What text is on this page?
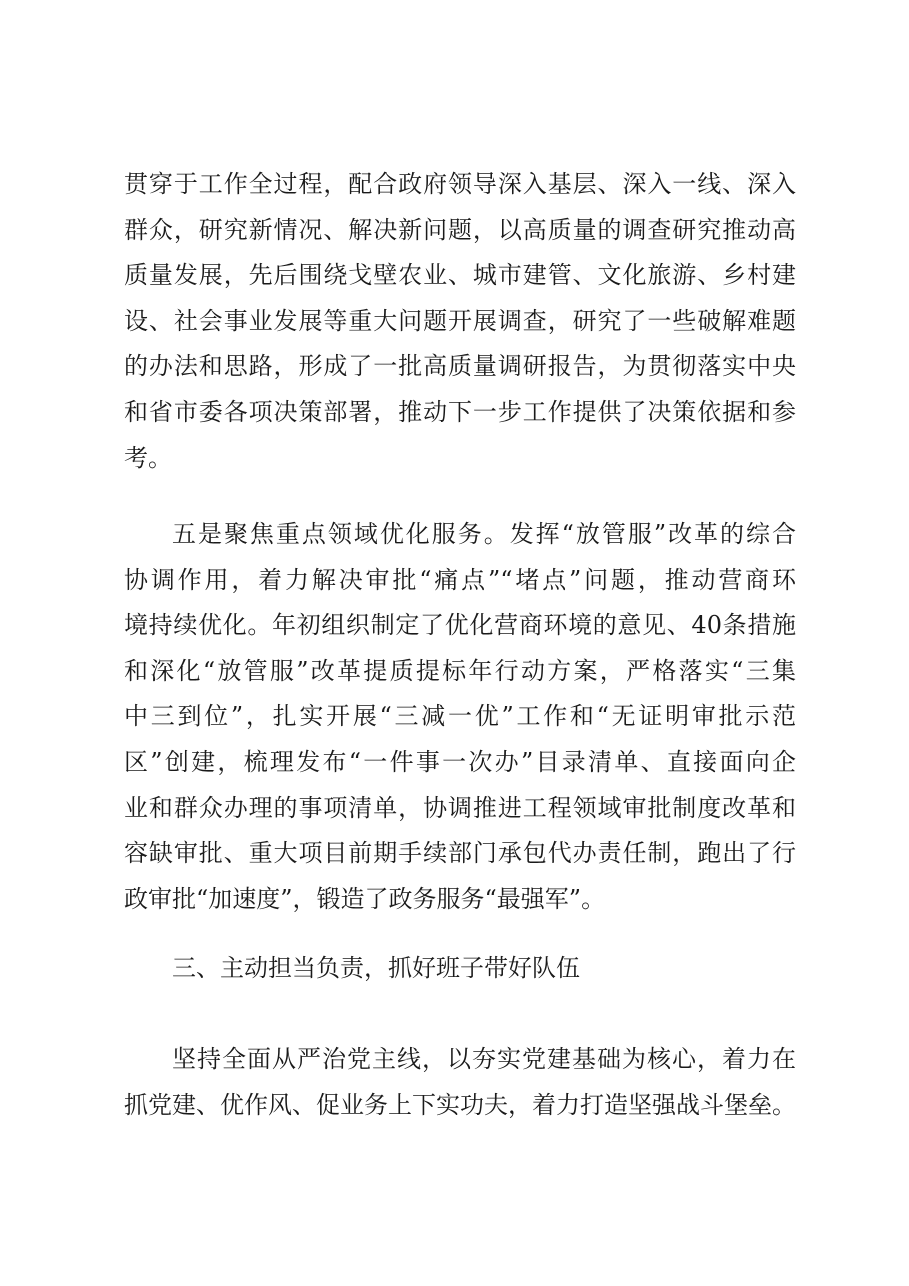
贯穿于工作全过程，配合政府领导深入基层、深入一线、深入
群众，研究新情况、解决新问题，以高质量的调查研究推动高
质量发展，先后围绕戈壁农业、城市建管、文化旅游、乡村建
设、社会事业发展等重大问题开展调查，研究了一些破解难题
的办法和思路，形成了一批高质量调研报告，为贯彻落实中央
和省市委各项决策部署，推动下一步工作提供了决策依据和参
考。
五是聚焦重点领域优化服务。发挥“放管服”改革的综合
协调作用，着力解决审批“痛点”“堵点”问题，推动营商环
境持续优化。年初组织制定了优化营商环境的意见、40条措施
和深化“放管服”改革提质提标年行动方案，严格落实“三集
中三到位”，扎实开展“三减一优”工作和“无证明审批示范
区”创建，梳理发布“一件事一次办”目录清单、直接面向企
业和群众办理的事项清单，协调推进工程领域审批制度改革和
容缺审批、重大项目前期手续部门承包代办责任制，跑出了行
政审批“加速度”，锻造了政务服务“最强军”。
三、主动担当负责，抓好班子带好队伍
坚持全面从严治党主线，以夯实党建基础为核心，着力在
抓党建、优作风、促业务上下实功夫，着力打造坚强战斗堡垒。
